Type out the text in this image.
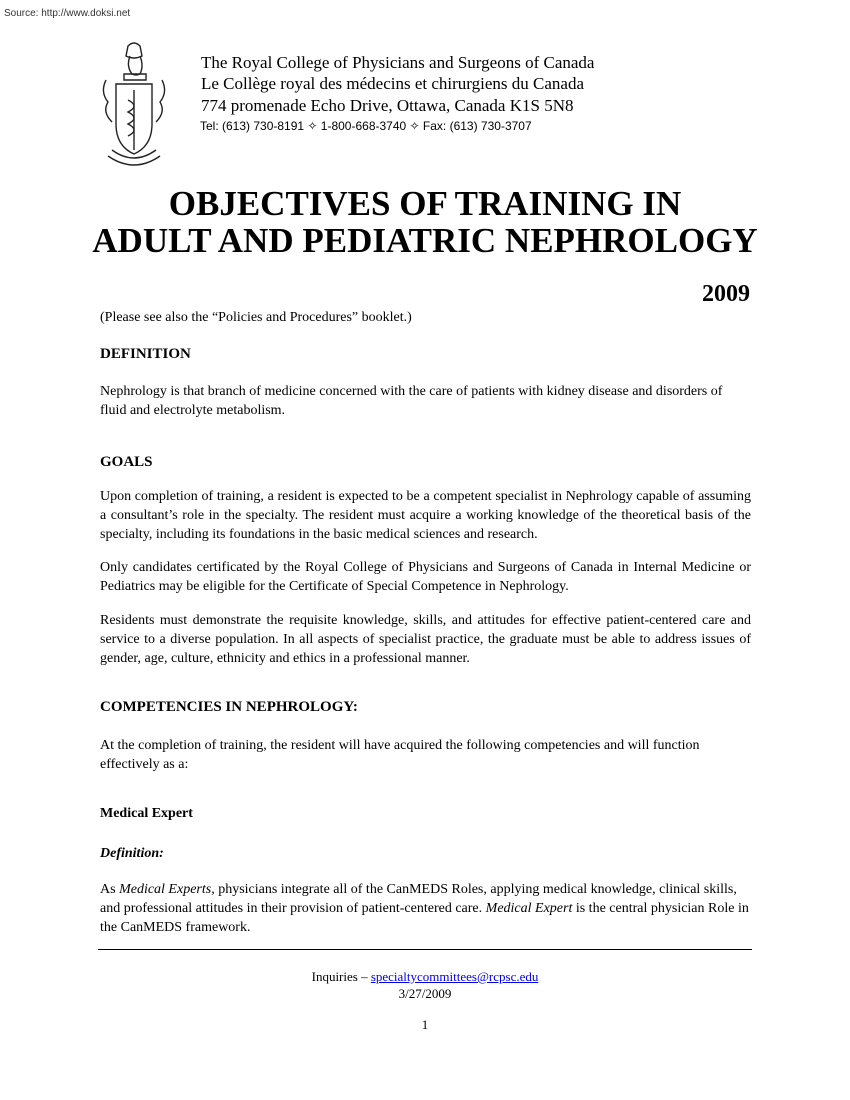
Source: http://www.doksi.net
The Royal College of Physicians and Surgeons of Canada
Le Collège royal des médecins et chirurgiens du Canada
774 promenade Echo Drive, Ottawa, Canada K1S 5N8
Tel: (613) 730-8191 ✧ 1-800-668-3740 ✧ Fax: (613) 730-3707
OBJECTIVES OF TRAINING IN
ADULT AND PEDIATRIC NEPHROLOGY
2009
(Please see also the “Policies and Procedures” booklet.)
DEFINITION
Nephrology is that branch of medicine concerned with the care of patients with kidney disease and disorders of fluid and electrolyte metabolism.
GOALS
Upon completion of training, a resident is expected to be a competent specialist in Nephrology capable of assuming a consultant’s role in the specialty. The resident must acquire a working knowledge of the theoretical basis of the specialty, including its foundations in the basic medical sciences and research.
Only candidates certificated by the Royal College of Physicians and Surgeons of Canada in Internal Medicine or Pediatrics may be eligible for the Certificate of Special Competence in Nephrology.
Residents must demonstrate the requisite knowledge, skills, and attitudes for effective patient-centered care and service to a diverse population. In all aspects of specialist practice, the graduate must be able to address issues of gender, age, culture, ethnicity and ethics in a professional manner.
COMPETENCIES IN NEPHROLOGY:
At the completion of training, the resident will have acquired the following competencies and will function effectively as a:
Medical Expert
Definition:
As Medical Experts, physicians integrate all of the CanMEDS Roles, applying medical knowledge, clinical skills, and professional attitudes in their provision of patient-centered care. Medical Expert is the central physician Role in the CanMEDS framework.
Inquiries – specialtycommittees@rcpsc.edu
3/27/2009
1
